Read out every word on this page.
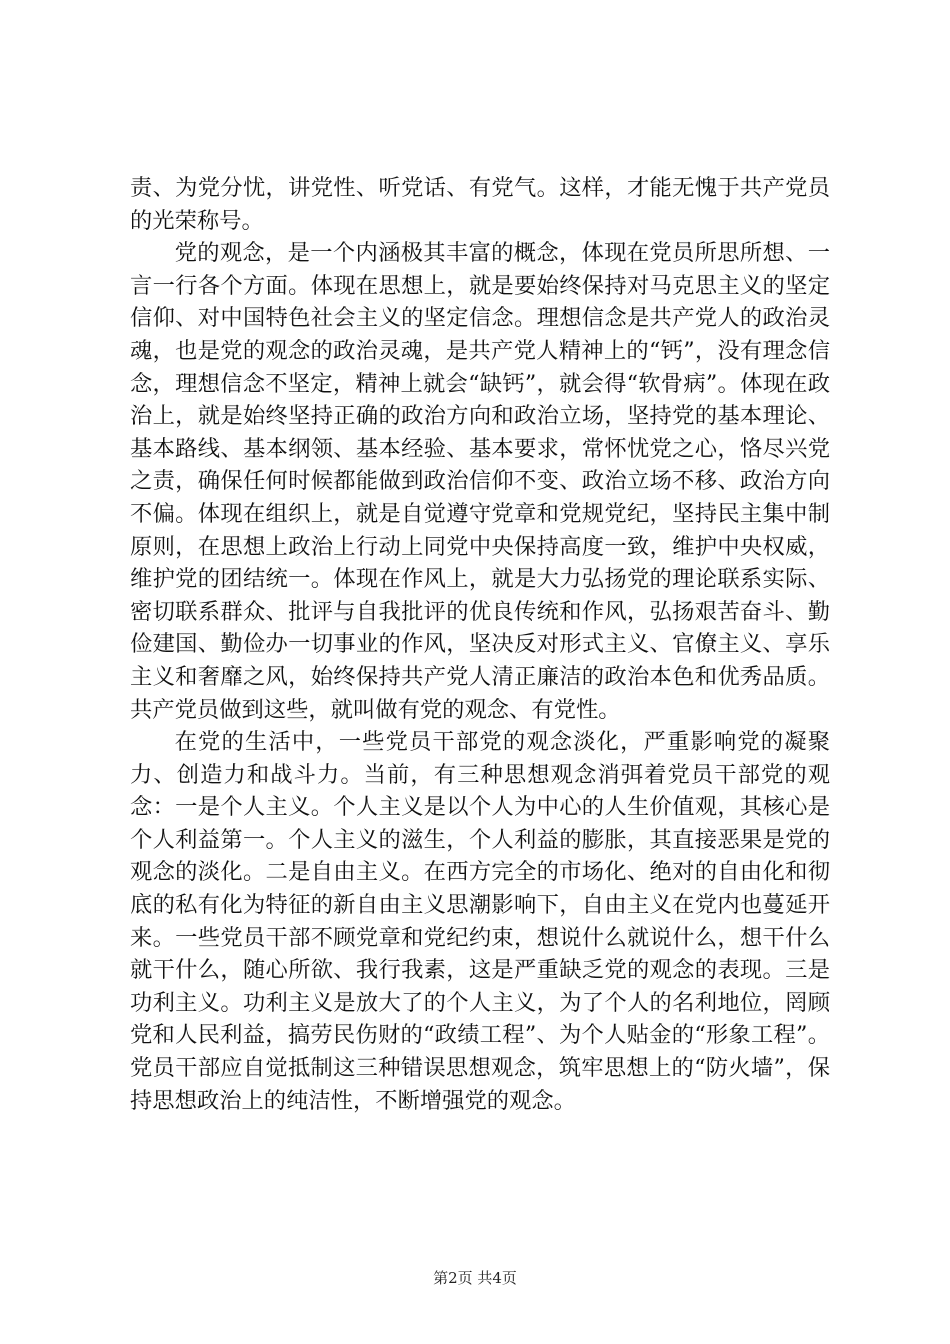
责、为党分忧，讲党性、听党话、有党气。这样，才能无愧于共产党员的光荣称号。

党的观念，是一个内涵极其丰富的概念，体现在党员所思所想、一言一行各个方面。体现在思想上，就是要始终保持对马克思主义的坚定信仰、对中国特色社会主义的坚定信念。理想信念是共产党人的政治灵魂，也是党的观念的政治灵魂，是共产党人精神上的“钙”，没有理念信念，理想信念不坚定，精神上就会“缺钙”，就会得“软骨病”。体现在政治上，就是始终坚持正确的政治方向和政治立场，坚持党的基本理论、基本路线、基本纲领、基本经验、基本要求，常怀忧党之心，恪尽兴党之责，确保任何时候都能做到政治信仰不变、政治立场不移、政治方向不偏。体现在组织上，就是自觉遵守党章和党规党纪，坚持民主集中制原则，在思想上政治上行动上同党中央保持高度一致，维护中央权威，维护党的团结统一。体现在作风上，就是大力弘扬党的理论联系实际、密切联系群众、批评与自我批评的优良传统和作风，弘扬艰苦奋斗、勤俭建国、勤俭办一切事业的作风，坚决反对形式主义、官僚主义、享乐主义和奢靡之风，始终保持共产党人清正廉洁的政治本色和优秀品质。共产党员做到这些，就叫做有党的观念、有党性。

在党的生活中，一些党员干部党的观念淡化，严重影响党的凝聚力、创造力和战斗力。当前，有三种思想观念消弭着党员干部党的观念：一是个人主义。个人主义是以个人为中心的人生价值观，其核心是个人利益第一。个人主义的滋生，个人利益的膨胀，其直接恶果是党的观念的淡化。二是自由主义。在西方完全的市场化、绝对的自由化和彻底的私有化为特征的新自由主义思潮影响下，自由主义在党内也蔓延开来。一些党员干部不顾党章和党纪约束，想说什么就说什么，想干什么就干什么，随心所欲、我行我素，这是严重缺乏党的观念的表现。三是功利主义。功利主义是放大了的个人主义，为了个人的名利地位，罔顾党和人民利益，搞劳民伤财的“政绩工程”、为个人贴金的“形象工程”。党员干部应自觉抵制这三种错误思想观念，筑牢思想上的“防火墙”，保持思想政治上的纯洁性，不断增强党的观念。

第2页 共4页
